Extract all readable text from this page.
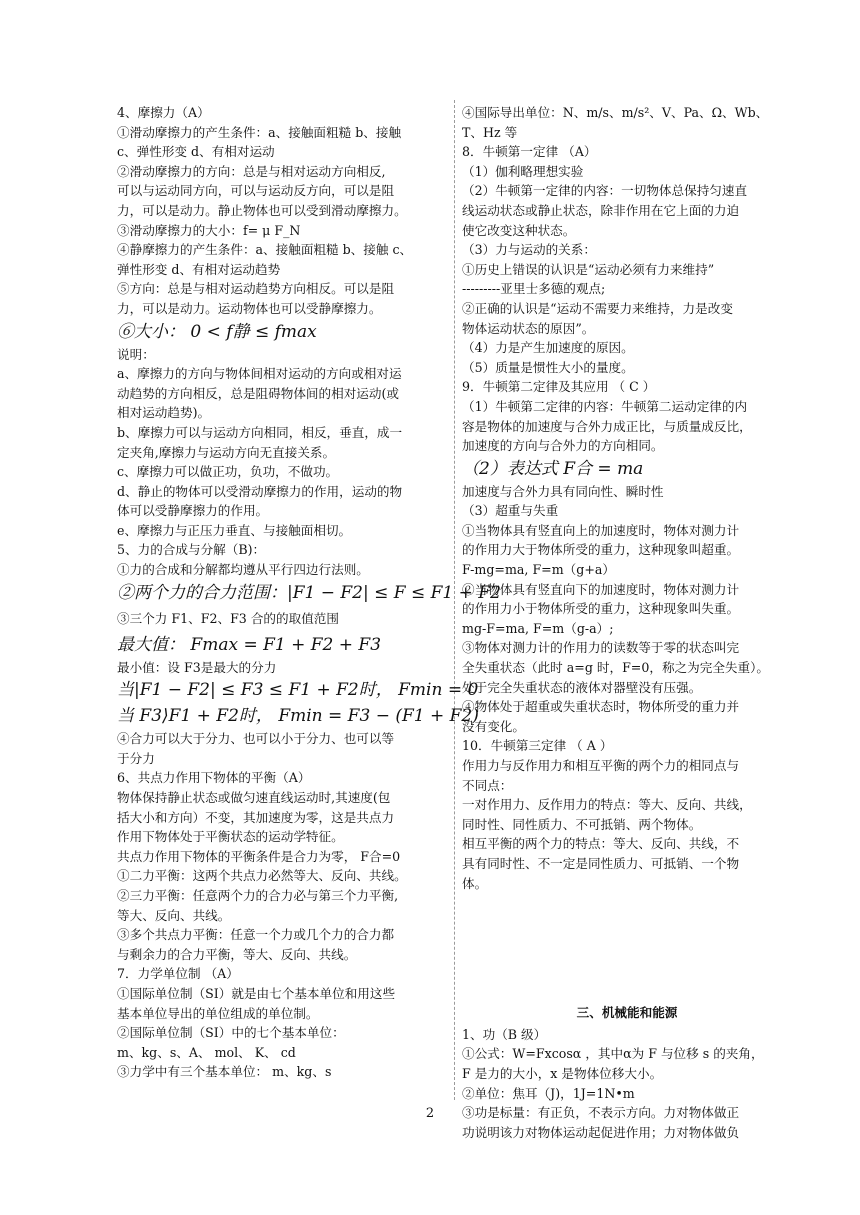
4、摩擦力（A）
①滑动摩擦力的产生条件：a、接触面粗糙 b、接触
c、弹性形变 d、有相对运动
②滑动摩擦力的方向：总是与相对运动方向相反,
可以与运动同方向，可以与运动反方向，可以是阻
力，可以是动力。静止物体也可以受到滑动摩擦力。
③滑动摩擦力的大小：f= μ F_N
④静摩擦力的产生条件：a、接触面粗糙 b、接触 c、
弹性形变 d、有相对运动趋势
⑤方向：总是与相对运动趋势方向相反。可以是阻
力，可以是动力。运动物体也可以受静摩擦力。
⑥大小： 0 < f静 ≤ fmax
说明：
a、摩擦力的方向与物体间相对运动的方向或相对运
动趋势的方向相反，总是阻碍物体间的相对运动(或
相对运动趋势)。
b、摩擦力可以与运动方向相同，相反，垂直，成一
定夹角,摩擦力与运动方向无直接关系。
c、摩擦力可以做正功，负功，不做功。
d、静止的物体可以受滑动摩擦力的作用，运动的物
体可以受静摩擦力的作用。
e、摩擦力与正压力垂直、与接触面相切。
5、力的合成与分解（B)：
①力的合成和分解都均遵从平行四边行法则。
②两个力的合力范围：|F1 − F2| ≤ F ≤ F1 + F2
③三个力 F1、F2、F3 合的的取值范围
最大值： Fmax = F1 + F2 + F3
最小值：设 F3是最大的分力
当|F1 − F2| ≤ F3 ≤ F1 + F2时， Fmin = 0
当 F3⟩F1 + F2时， Fmin = F3 − (F1 + F2)
④合力可以大于分力、也可以小于分力、也可以等
于分力
6、共点力作用下物体的平衡（A）
物体保持静止状态或做匀速直线运动时,其速度(包
括大小和方向）不变，其加速度为零，这是共点力
作用下物体处于平衡状态的运动学特征。
共点力作用下物体的平衡条件是合力为零， F合=0
①二力平衡：这两个共点力必然等大、反向、共线。
②三力平衡：任意两个力的合力必与第三个力平衡,
等大、反向、共线。
③多个共点力平衡：任意一个力或几个力的合力都
与剩余力的合力平衡，等大、反向、共线。
7．力学单位制 （A）
①国际单位制（SI）就是由七个基本单位和用这些
基本单位导出的单位组成的单位制。
②国际单位制（SI）中的七个基本单位：
m、kg、s、A、 mol、 K、 cd
③力学中有三个基本单位： m、kg、s
④国际导出单位：N、m/s、m/s²、V、Pa、Ω、Wb、
T、Hz 等
8．牛顿第一定律 （A）
（1）伽利略理想实验
（2）牛顿第一定律的内容：一切物体总保持匀速直
线运动状态或静止状态，除非作用在它上面的力迫
使它改变这种状态。
（3）力与运动的关系：
①历史上错误的认识是“运动必须有力来维持”
---------亚里士多德的观点;
②正确的认识是“运动不需要力来维持，力是改变
物体运动状态的原因”。
（4）力是产生加速度的原因。
（5）质量是惯性大小的量度。
9．牛顿第二定律及其应用 （ C ）
（1）牛顿第二定律的内容：牛顿第二运动定律的内
容是物体的加速度与合外力成正比，与质量成反比，
加速度的方向与合外力的方向相同。
（2）表达式 F合 = ma
加速度与合外力具有同向性、瞬时性
（3）超重与失重
①当物体具有竖直向上的加速度时，物体对测力计
的作用力大于物体所受的重力，这种现象叫超重。
F-mg=ma, F=m（g+a）
②当物体具有竖直向下的加速度时，物体对测力计
的作用力小于物体所受的重力，这种现象叫失重。
mg-F=ma, F=m（g-a）;
③物体对测力计的作用力的读数等于零的状态叫完
全失重状态（此时 a=g 时，F=0，称之为完全失重）。
处于完全失重状态的液体对器壁没有压强。
④物体处于超重或失重状态时，物体所受的重力并
没有变化。
10．牛顿第三定律 （ A ）
作用力与反作用力和相互平衡的两个力的相同点与
不同点：
一对作用力、反作用力的特点：等大、反向、共线，
同时性、同性质力、不可抵销、两个物体。
相互平衡的两个力的特点：等大、反向、共线，不
具有同时性、不一定是同性质力、可抵销、一个物
体。
三、机械能和能源
1、功（B 级）
①公式：W=Fxcosα ，其中α为 F 与位移 s 的夹角，
F 是力的大小，x 是物体位移大小。
②单位：焦耳（J)，1J=1N•m
③功是标量：有正负，不表示方向。力对物体做正
功说明该力对物体运动起促进作用；力对物体做负
2
